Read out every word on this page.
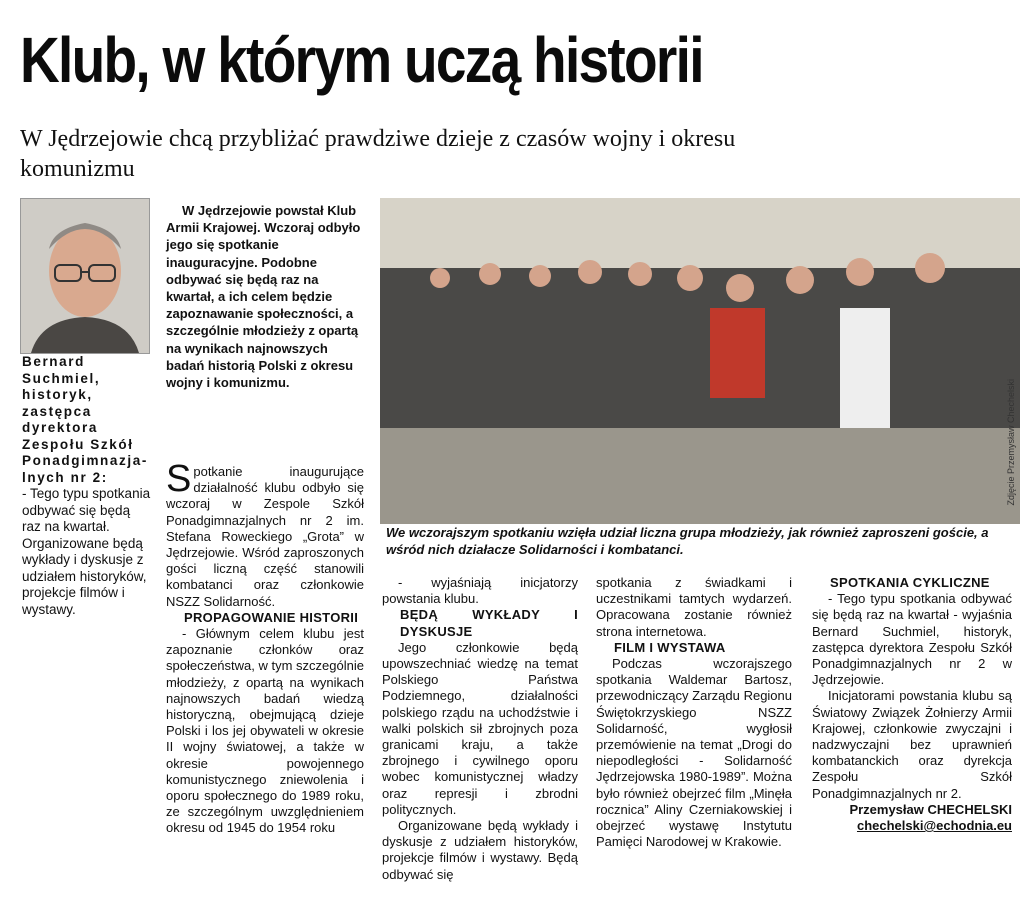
Klub, w którym uczą historii
W Jędrzejowie chcą przybliżać prawdziwe dzieje z czasów wojny i okresu komunizmu
Bernard Suchmiel, historyk, zastępca dyrektora Zespołu Szkół Ponadgimnazja-lnych nr 2:
- Tego typu spotkania odbywać się będą raz na kwartał. Organizowane będą wykłady i dyskusje z udziałem historyków, projekcje filmów i wystawy.
W Jędrzejowie powstał Klub Armii Krajowej. Wczoraj odbyło jego się spotkanie inauguracyjne. Podobne odbywać się będą raz na kwartał, a ich celem będzie zapoznawanie społeczności, a szczególnie młodzieży z opartą na wynikach najnowszych badań historią Polski z okresu wojny i komunizmu.	Zdjęcie Przemysław Chechelski
We wczorajszym spotkaniu wzięła udział liczna grupa młodzieży, jak również zaproszeni goście, a wśród nich działacze Solidarności i kombatanci.

Spotkanie inaugurujące działalność klubu odbyło się wczoraj w Zespole Szkół Ponadgimnazjalnych nr 2 im. Stefana Roweckiego „Grota” w Jędrzejowie. Wśród zaproszonych gości liczną część stanowili kombatanci oraz członkowie NSZZ Solidarność.

PROPAGOWANIE HISTORII

- Głównym celem klubu jest zapoznanie członków oraz społeczeństwa, w tym szczególnie młodzieży, z opartą na wynikach najnowszych badań wiedzą historyczną, obejmującą dzieje Polski i los jej obywateli w okresie II wojny światowej, a także w okresie powojennego komunistycznego zniewolenia i oporu społecznego do 1989 roku, ze szczególnym uwzględnieniem okresu od 1945 do 1954 roku

- wyjaśniają inicjatorzy powstania klubu.

BĘDĄ WYKŁADY I DYSKUSJE

Jego członkowie będą upowszechniać wiedzę na temat Polskiego Państwa Podziemnego, działalności polskiego rządu na uchodźstwie i walki polskich sił zbrojnych poza granicami kraju, a także zbrojnego i cywilnego oporu wobec komunistycznej władzy oraz represji i zbrodni politycznych.

Organizowane będą wykłady i dyskusje z udziałem historyków, projekcje filmów i wystawy. Będą odbywać się

spotkania z świadkami i uczestnikami tamtych wydarzeń. Opracowana zostanie również strona internetowa.

FILM I WYSTAWA

Podczas wczorajszego spotkania Waldemar Bartosz, przewodniczący Zarządu Regionu Świętokrzyskiego NSZZ Solidarność, wygłosił przemówienie na temat „Drogi do niepodległości - Solidarność Jędrzejowska 1980-1989”. Można było również obejrzeć film „Minęła rocznica” Aliny Czerniakowskiej i obejrzeć wystawę Instytutu Pamięci Narodowej w Krakowie.

SPOTKANIA CYKLICZNE

- Tego typu spotkania odbywać się będą raz na kwartał - wyjaśnia Bernard Suchmiel, historyk, zastępca dyrektora Zespołu Szkół Ponadgimnazjalnych nr 2 w Jędrzejowie.

Inicjatorami powstania klubu są Światowy Związek Żołnierzy Armii Krajowej, członkowie zwyczajni i nadzwyczajni bez uprawnień kombatanckich oraz dyrekcja Zespołu Szkół Ponadgimnazjalnych nr 2.

Przemysław CHECHELSKI

chechelski@echodnia.eu
